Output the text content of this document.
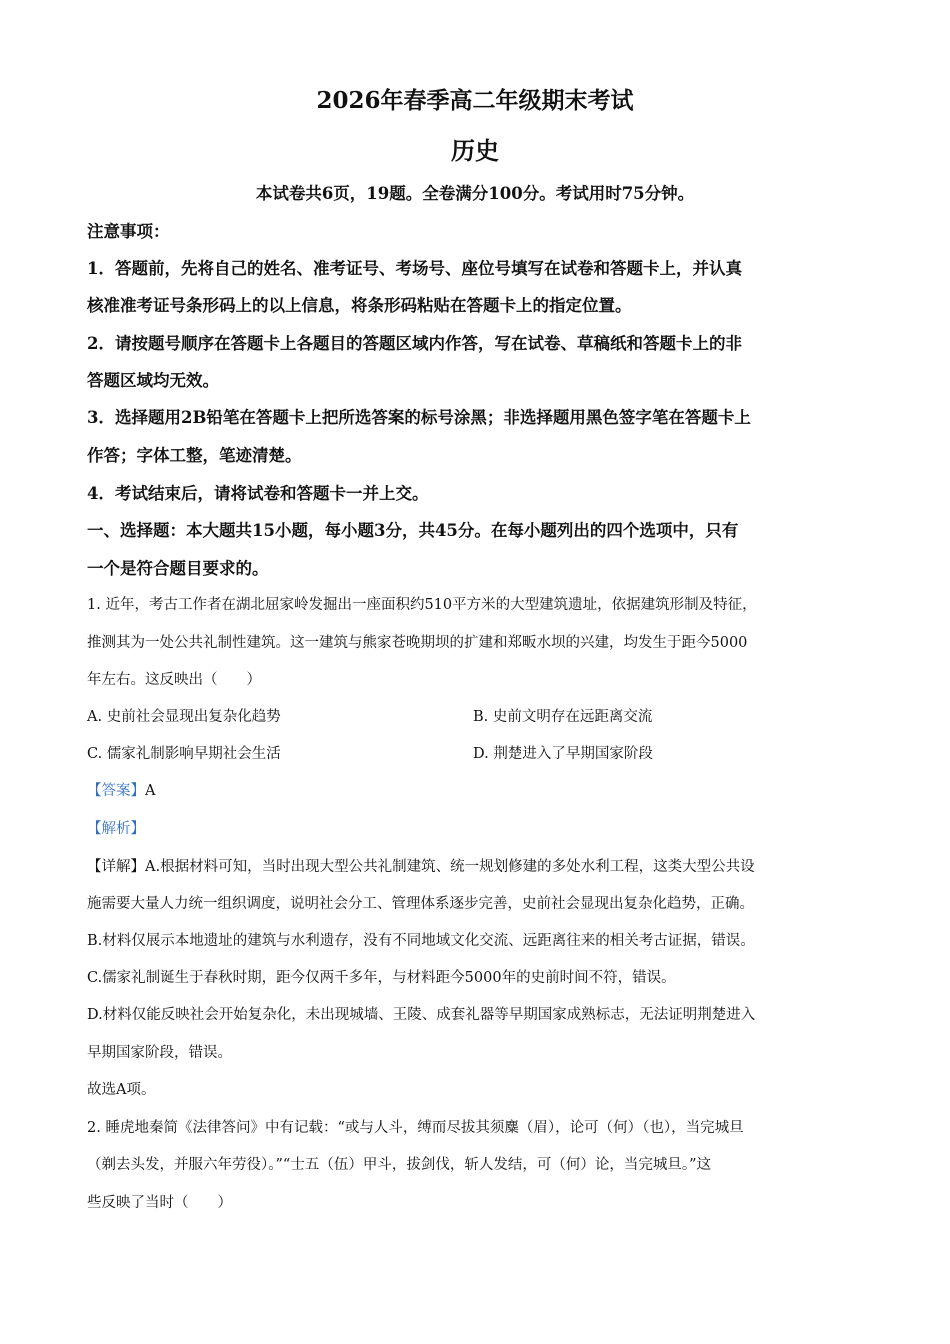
2026年春季高二年级期末考试
历史

本试卷共6页，19题。全卷满分100分。考试用时75分钟。

注意事项：

1．答题前，先将自己的姓名、准考证号、考场号、座位号填写在试卷和答题卡上，并认真

核准准考证号条形码上的以上信息，将条形码粘贴在答题卡上的指定位置。

2．请按题号顺序在答题卡上各题目的答题区域内作答，写在试卷、草稿纸和答题卡上的非

答题区域均无效。

3．选择题用2B铅笔在答题卡上把所选答案的标号涂黑；非选择题用黑色签字笔在答题卡上

作答；字体工整，笔迹清楚。

4．考试结束后，请将试卷和答题卡一并上交。

一、选择题：本大题共15小题，每小题3分，共45分。在每小题列出的四个选项中，只有

一个是符合题目要求的。

1. 近年，考古工作者在湖北屈家岭发掘出一座面积约510平方米的大型建筑遗址，依据建筑形制及特征，

推测其为一处公共礼制性建筑。这一建筑与熊家苍晚期坝的扩建和郑畈水坝的兴建，均发生于距今5000

年左右。这反映出（　　）

A. 史前社会显现出复杂化趋势	B. 史前文明存在远距离交流

C. 儒家礼制影响早期社会生活	D. 荆楚进入了早期国家阶段

【答案】A

【解析】

【详解】A.根据材料可知，当时出现大型公共礼制建筑、统一规划修建的多处水利工程，这类大型公共设

施需要大量人力统一组织调度，说明社会分工、管理体系逐步完善，史前社会显现出复杂化趋势，正确。

B.材料仅展示本地遗址的建筑与水利遗存，没有不同地域文化交流、远距离往来的相关考古证据，错误。

C.儒家礼制诞生于春秋时期，距今仅两千多年，与材料距今5000年的史前时间不符，错误。

D.材料仅能反映社会开始复杂化，未出现城墙、王陵、成套礼器等早期国家成熟标志，无法证明荆楚进入

早期国家阶段，错误。

故选A项。

2. 睡虎地秦简《法律答问》中有记载：“或与人斗，缚而尽拔其须麋（眉），论可（何）（也），当完城旦

（剃去头发，并服六年劳役）。”“士五（伍）甲斗，拔剑伐，斩人发结，可（何）论，当完城旦。”这

些反映了当时（　　）
